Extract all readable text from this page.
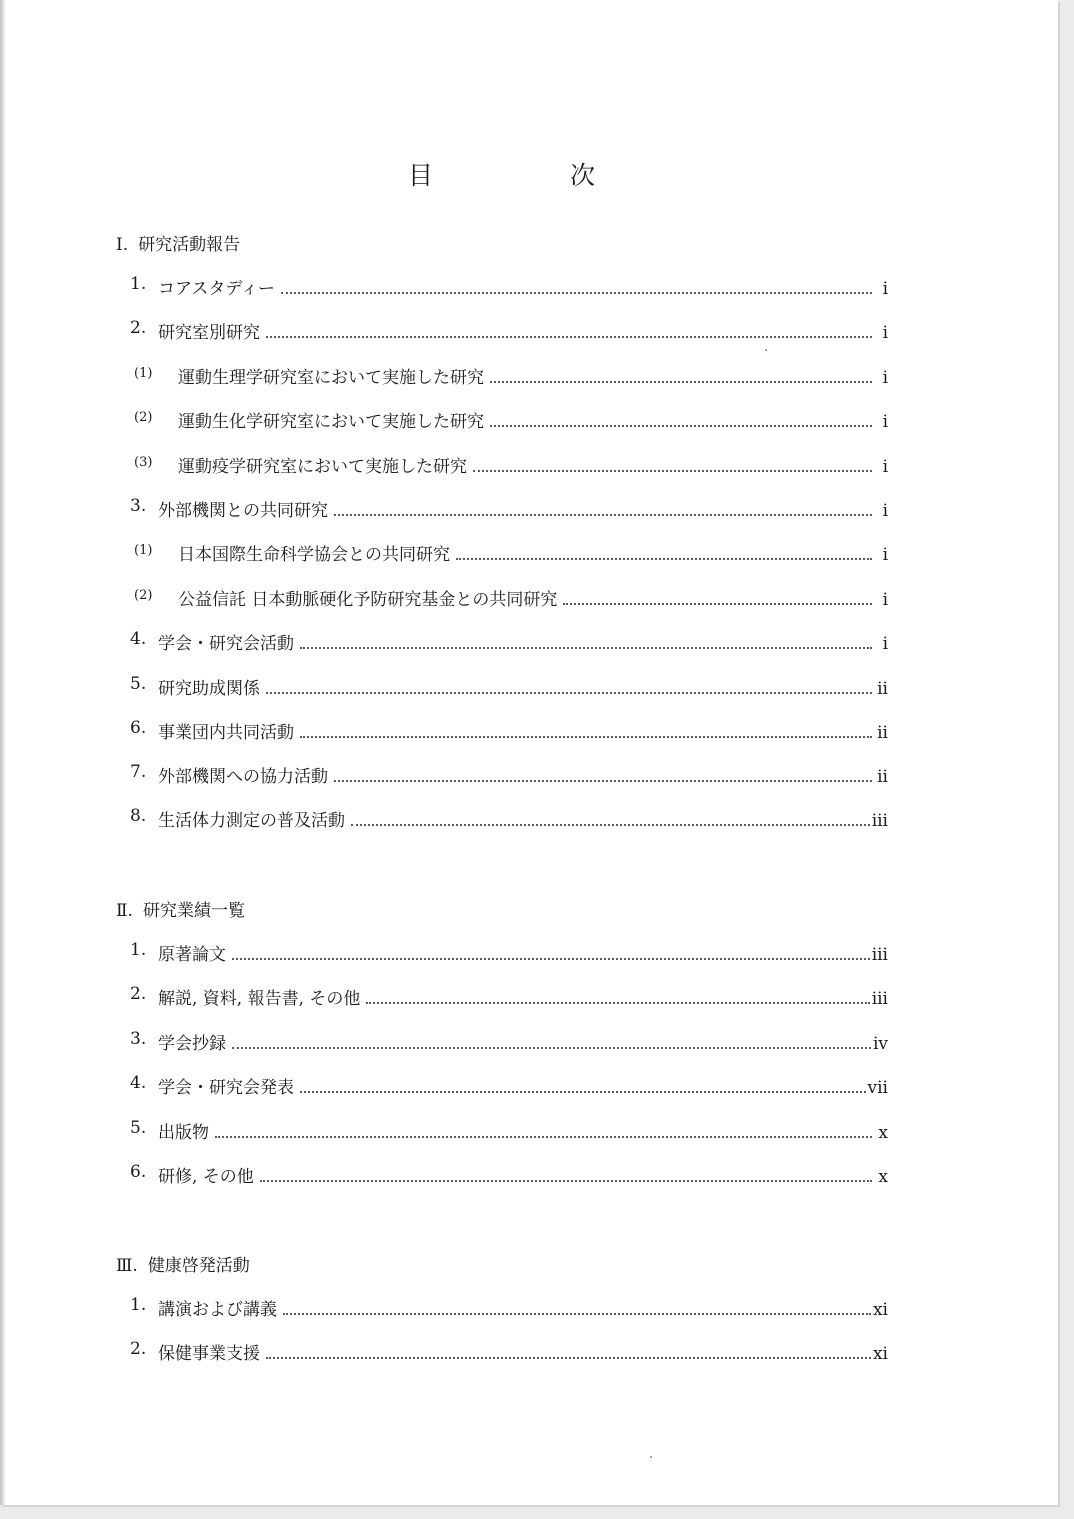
目	次
Ⅰ. 研究活動報告
1. コアスタディー	i
2. 研究室別研究	i
(1) 運動生理学研究室において実施した研究	i
(2) 運動生化学研究室において実施した研究	i
(3) 運動疫学研究室において実施した研究	i
3. 外部機関との共同研究	i
(1) 日本国際生命科学協会との共同研究	i
(2) 公益信託 日本動脈硬化予防研究基金との共同研究	i
4. 学会・研究会活動	i
5. 研究助成関係	ii
6. 事業団内共同活動	ii
7. 外部機関への協力活動	ii
8. 生活体力測定の普及活動	iii
Ⅱ. 研究業績一覧
1. 原著論文	iii
2. 解説, 資料, 報告書, その他	iii
3. 学会抄録	iv
4. 学会・研究会発表	vii
5. 出版物	x
6. 研修, その他	x
Ⅲ. 健康啓発活動
1. 講演および講義	xi
2. 保健事業支援	xi
